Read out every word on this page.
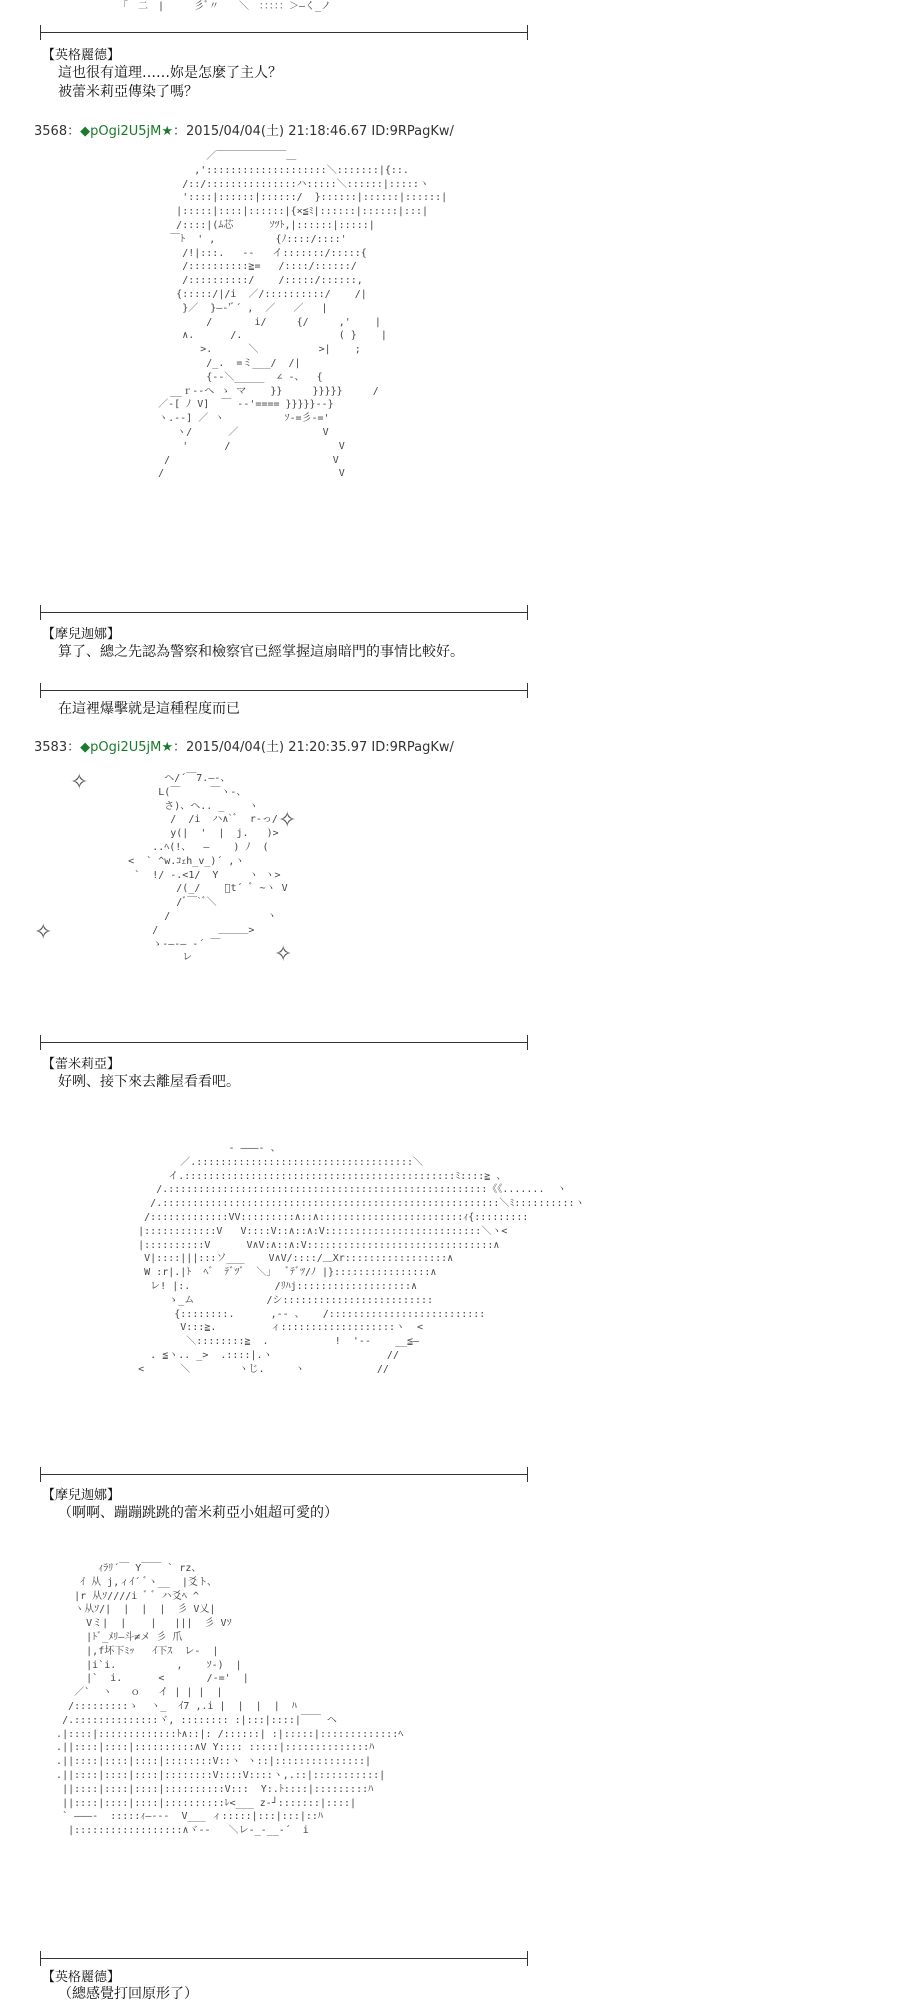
「　二　|　　　彡ﾞ〃　　＼　：：：：：＞―く_ノ
【英格麗德】
這也很有道理……妳是怎麼了主人？
被蕾米莉亞傳染了嗎？
3568：◆pOgi2U5jM★：2015/04/04(土) 21:18:46.67 ID:9RPagKw/
／￣￣￣￣￣￣￣＿
,'::::::::::::::::::::＼:::::::|{::.
/::/:::::::::::::::ハ:::::＼::::::|:::::ヽ
'::::|::::::|::::::/  }::::::|::::::|::::::|
|:::::|::::|::::::|{×≦ﾐ|::::::|::::::|:::|
/::::|(ﾑ芯      ｿﾂﾄ,|::::::|:::::|
￣ﾄ  ' ,          {ﾉ::::/::::'
/!|:::.   -‐   イ:::::::/:::::{
/::::::::::≧=   /::::/::::::/
/::::::::::/    /:::::/::::::,
{:::::/|/i  ／/::::::::::/    /|
}／  }―‐'ﾞ´ ,  ／   ／   |
/       i/     {/     ,'    |
∧.      /.                ( }    |
>.      ＼          >|    ;
/_.  =ミ___/  /|
{‐‐＼_____  ∠ -、  {
__ｒ‐‐へ ゝ マ    }}     }}}}}     /
／-[ ﾉ V]  ￣ ‐‐'==== }}}}}‐‐}
ヽ.‐‐] ／ ヽ          ｿ-=彡-='
ヽ/      ／              V
'      /                  V
/                           V
/                             V
【摩兒迦娜】
算了、總之先認為警察和檢察官已經掌握這扇暗門的事情比較好。
在這裡爆擊就是這種程度而已
3583：◆pOgi2U5jM★：2015/04/04(土) 21:20:35.97 ID:9RPagKw/
✧
✧
✧
✧
ヘ/´￣7.―-、
L(￣     ￣ヽ-、
さ)、ヘ.. _    ヽ
/  /i  ハ∧`ﾞ  r-っ/
y(|  '  |  j.   )>
..ﾍ(!、  ―    ) ﾉ  (
<  ` ^w.ｺｪh_v_)´ ,ヽ
`  !/ -.<1/  Y     ヽ ヽ>
/(_/    ﾞt´ ﾞ ~ヽ V
/ﾞ￣`ﾞ＼
/                ヽ
/          ＿＿＿>
ゝ-―-― ‐´ ￣
レ
【蕾米莉亞】
好咧、接下來去離屋看看吧。
- ―――- 、
／.::::::::::::::::::::::::::::::::::::＼
イ.:::::::::::::::::::::::::::::::::::::::::::::ﾐ::::≧ 、
/.:::::::::::::::::::::::::::::::::::::::::::::::::::::《《.......  ヽ
/.::::::::::::::::::::::::::::::::::::::::::::::::::::::::＼ﾐ::::::::::ヽ
/:::::::::::::VV:::::::::∧::∧::::::::::::::::::::::::ｨ{:::::::::
|::::::::::::V   V::::V::∧::∧:V::::::::::::::::::::::::::＼ヽ<
|::::::::::V      V∧V:∧::∧:V:::::::::::::::::::::::::::::::∧
V|::::|||:::ソ___    V∧V/::::/＿Xr:::::::::::::::::∧
W :r|.|ﾄ  ﾍ゛ ﾃﾞﾂﾞ  ＼」  ﾞﾃﾞﾂ/ﾉ |}::::::::::::::::∧
レ! |:.              /ﾘﾊj:::::::::::::::::::∧
ゝ_ム            /シ:::::::::::::::::::::::::
{::::::::.      ,‐- 、   /::::::::::::::::::::::::::
V:::≧.         ィ:::::::::::::::::::ヽ  <
＼::::::::≧  .           !  '‐-    __≦―
. ≦ヽ.. _>  .::::|.ヽ                   //
<      ＼        ヽじ.     ヽ            //
【摩兒迦娜】
（啊啊、蹦蹦跳跳的蕾米莉亞小姐超可愛的）
ｨﾗﾘ´￣ Y￣￣ ` rz、
ｲ 从 j,ィｲ´ ﾞヽ__  |爻ト、
|r 从ｿ////i ﾞ ﾞ ハ爻ﾍ ^
ヽ从ｿ/|  |  |  |  彡 V乂|
Vミ|  |    |   |||  彡 Vｿ
|ﾄﾞ_ﾒﾘ―斗≠メ 彡 爪
|,f坏下ﾐｯ   ｲ下ｽ  レ-  |
|i`i.          ,    ｿ-)  |
|`  i.      <       /-='  |
／`  ヽ   ｏ   イ | | |  |
/:::::::::ゝ  ヽ_  ｲ7 ,.i |  |  |  |  ﾊ
/.::::::::::::::ヾ, :::::::: :|:::|::::|￣￣ ヘ
.|::::|:::::::::::::ﾄ∧::|: /::::::| :|:::::|:::::::::::::ﾍ
.||::::|::::|::::::::::∧V Y:::: :::::|::::::::::::::ﾊ
.||::::|::::|::::|::::::::V::ヽ ヽ::|:::::::::::::::|
.||::::|::::|::::|::::::::V::::V::::ヽ,.::|:::::::::::|
||::::|::::|::::|::::::::::V:::  Y:.ﾄ::::|:::::::::ﾊ
||::::|::::|::::|::::::::::ﾚ<___ z‐┘:::::::|::::|
` ―――‐  :::::ｨ―‐‐‐  V___ ィ:::::|:::|:::|::ﾊ
|::::::::::::::::::∧ヾ‐‐   ＼レ‐_‐__‐´  i
【英格麗德】
（總感覺打回原形了）
